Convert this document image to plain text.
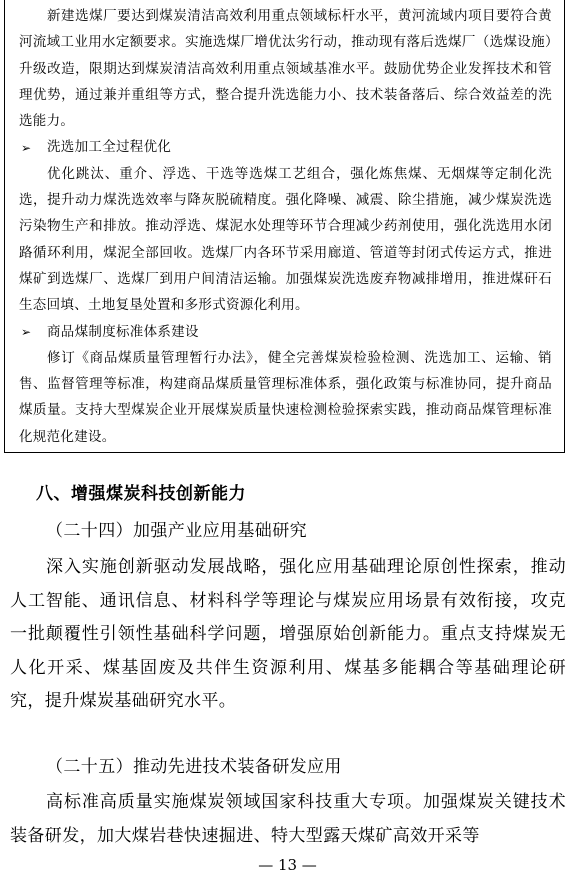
新建选煤厂要达到煤炭清洁高效利用重点领域标杆水平，黄河流域内项目要符合黄河流域工业用水定额要求。实施选煤厂增优汰劣行动，推动现有落后选煤厂（选煤设施）升级改造，限期达到煤炭清洁高效利用重点领域基准水平。鼓励优势企业发挥技术和管理优势，通过兼并重组等方式，整合提升洗选能力小、技术装备落后、综合效益差的洗选能力。

➢	洗选加工全过程优化

优化跳汰、重介、浮选、干选等选煤工艺组合，强化炼焦煤、无烟煤等定制化洗选，提升动力煤洗选效率与降灰脱硫精度。强化降噪、减震、除尘措施，减少煤炭洗选污染物生产和排放。推动浮选、煤泥水处理等环节合理减少药剂使用，强化洗选用水闭路循环利用，煤泥全部回收。选煤厂内各环节采用廊道、管道等封闭式传运方式，推进煤矿到选煤厂、选煤厂到用户间清洁运输。加强煤炭洗选废弃物减排增用，推进煤矸石生态回填、土地复垦处置和多形式资源化利用。

➢	商品煤制度标准体系建设

修订《商品煤质量管理暂行办法》，健全完善煤炭检验检测、洗选加工、运输、销售、监督管理等标准，构建商品煤质量管理标准体系，强化政策与标准协同，提升商品煤质量。支持大型煤炭企业开展煤炭质量快速检测检验探索实践，推动商品煤管理标准化规范化建设。

八、增强煤炭科技创新能力

（二十四）加强产业应用基础研究

深入实施创新驱动发展战略，强化应用基础理论原创性探索，推动人工智能、通讯信息、材料科学等理论与煤炭应用场景有效衔接，攻克一批颠覆性引领性基础科学问题，增强原始创新能力。重点支持煤炭无人化开采、煤基固废及共伴生资源利用、煤基多能耦合等基础理论研究，提升煤炭基础研究水平。

（二十五）推动先进技术装备研发应用

高标准高质量实施煤炭领域国家科技重大专项。加强煤炭关键技术装备研发，加大煤岩巷快速掘进、特大型露天煤矿高效开采等

— 13 —
